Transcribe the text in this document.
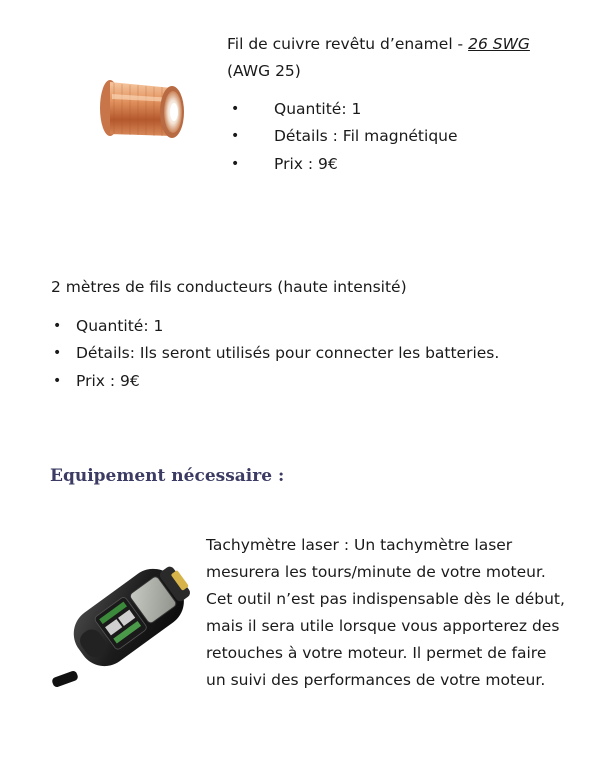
Fil de cuivre revêtu d’enamel - 26 SWG
(AWG 25)
• Quantité: 1
• Détails : Fil magnétique
• Prix : 9€
2 mètres de fils conducteurs (haute intensité)
• Quantité: 1
• Détails: Ils seront utilisés pour connecter les batteries.
• Prix : 9€
Equipement nécessaire :
Tachymètre laser : Un tachymètre laser
mesurera les tours/minute de votre moteur.
Cet outil n’est pas indispensable dès le début,
mais il sera utile lorsque vous apporterez des
retouches à votre moteur. Il permet de faire
un suivi des performances de votre moteur.
